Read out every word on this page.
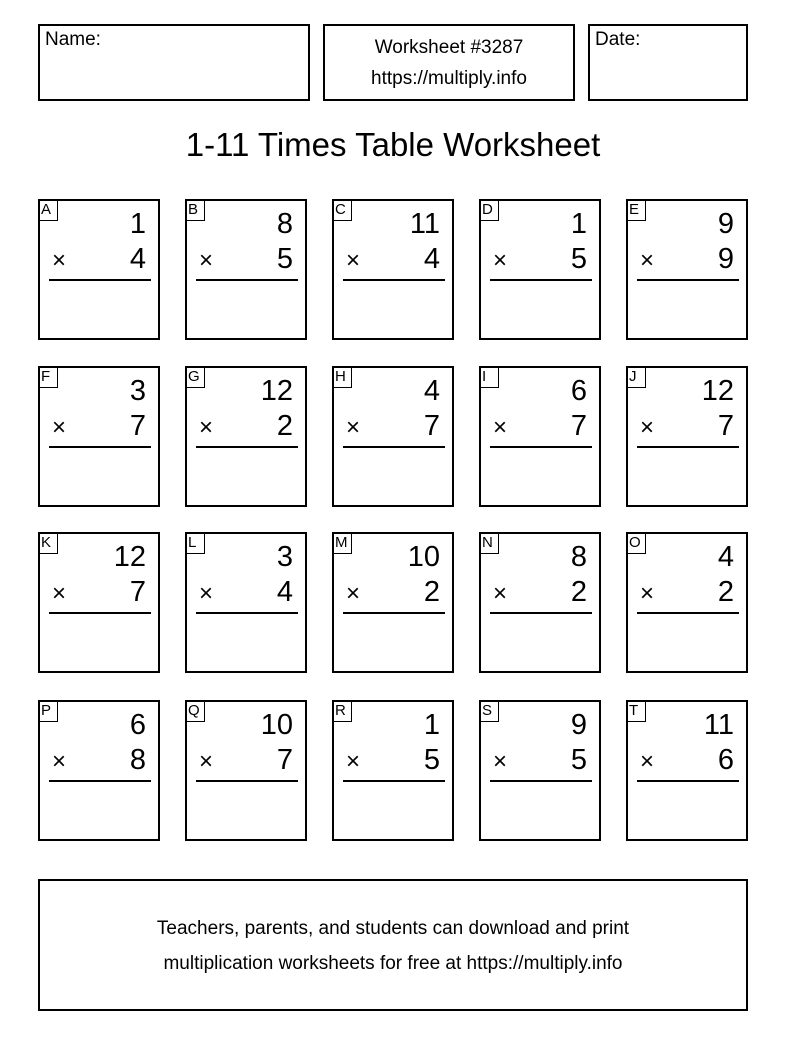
Name:	Worksheet #3287
https://multiply.info
Date:
1-11 Times Table Worksheet
A	1
× 4
B	8
× 5
C 11
× 4
D	1
× 5
E	9
× 9
F	3
× 7
G 12
× 2
H	4
× 7
I	6
× 7
J	12
× 7
K 12
× 7
L	3
× 4
M 10
× 2
N	8
× 2
O	4
× 2
P	6
× 8
Q 10
× 7
R	1
× 5
S	9
× 5
T 11
× 6
Teachers, parents, and students can download and print
multiplication worksheets for free at https://multiply.info
